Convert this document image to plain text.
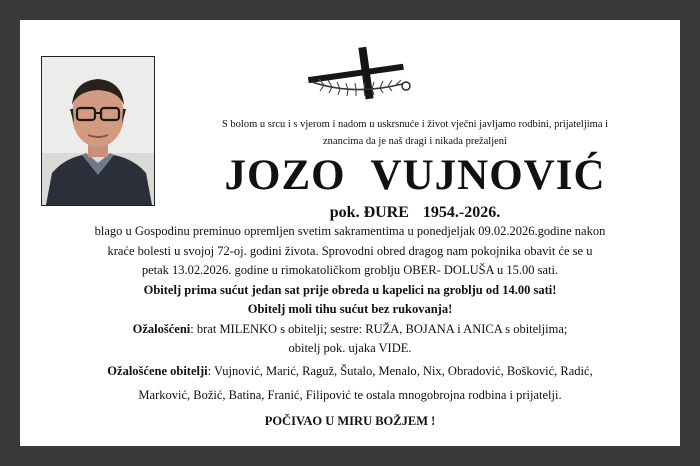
S bolom u srcu i s vjerom i nadom u uskrsnuće i život vječni javljamo rodbini, prijateljima i
znancima da je naš dragi i nikada prežaljeni
JOZO VUJNOVIĆ
pok. ĐURE 1954.-2026.

blago u Gospodinu preminuo opremljen svetim sakramentima u ponedjeljak 09.02.2026.godine nakon

kraće bolesti u svojoj 72-oj. godini života. Sprovodni obred dragog nam pokojnika obavit će se u

petak 13.02.2026. godine u rimokatoličkom groblju OBER- DOLUŠA u 15.00 sati.

Obitelj prima sućut jedan sat prije obreda u kapelici na groblju od 14.00 sati!

Obitelj moli tihu sućut bez rukovanja!

Ožalošćeni: brat MILENKO s obitelji; sestre: RUŽA, BOJANA i ANICA s obiteljima;

obitelj pok. ujaka VIDE.

Ožalošćene obitelji: Vujnović, Marić, Raguž, Šutalo, Menalo, Nix, Obradović, Bošković, Radić,

Marković, Božić, Batina, Franić, Filipović te ostala mnogobrojna rodbina i prijatelji.

POČIVAO U MIRU BOŽJEM !
